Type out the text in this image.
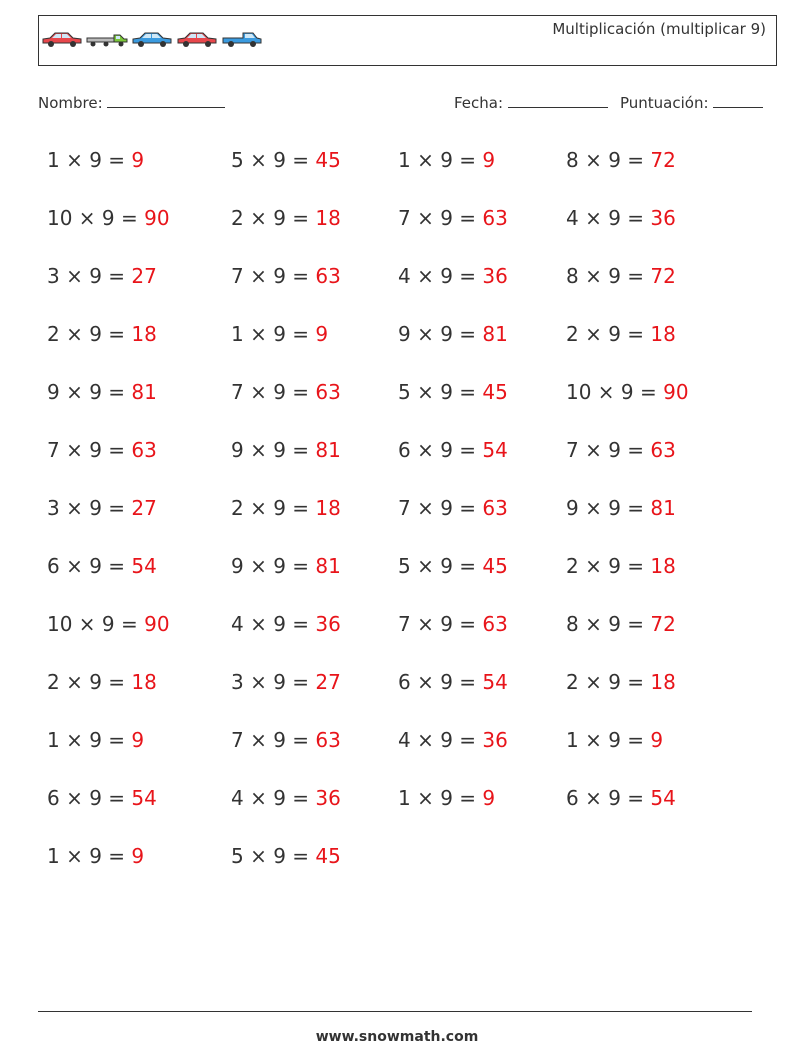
Multiplicación (multiplicar 9)
Nombre:	Fecha:	Puntuación:
1 × 9 = 9	5 × 9 = 45	1 × 9 = 9	8 × 9 = 72
10 × 9 = 90	2 × 9 = 18	7 × 9 = 63	4 × 9 = 36
3 × 9 = 27	7 × 9 = 63	4 × 9 = 36	8 × 9 = 72
2 × 9 = 18	1 × 9 = 9	9 × 9 = 81	2 × 9 = 18
9 × 9 = 81	7 × 9 = 63	5 × 9 = 45	10 × 9 = 90
7 × 9 = 63	9 × 9 = 81	6 × 9 = 54	7 × 9 = 63
3 × 9 = 27	2 × 9 = 18	7 × 9 = 63	9 × 9 = 81
6 × 9 = 54	9 × 9 = 81	5 × 9 = 45	2 × 9 = 18
10 × 9 = 90	4 × 9 = 36	7 × 9 = 63	8 × 9 = 72
2 × 9 = 18	3 × 9 = 27	6 × 9 = 54	2 × 9 = 18
1 × 9 = 9	7 × 9 = 63	4 × 9 = 36	1 × 9 = 9
6 × 9 = 54	4 × 9 = 36	1 × 9 = 9	6 × 9 = 54
1 × 9 = 9	5 × 9 = 45
www.snowmath.com
